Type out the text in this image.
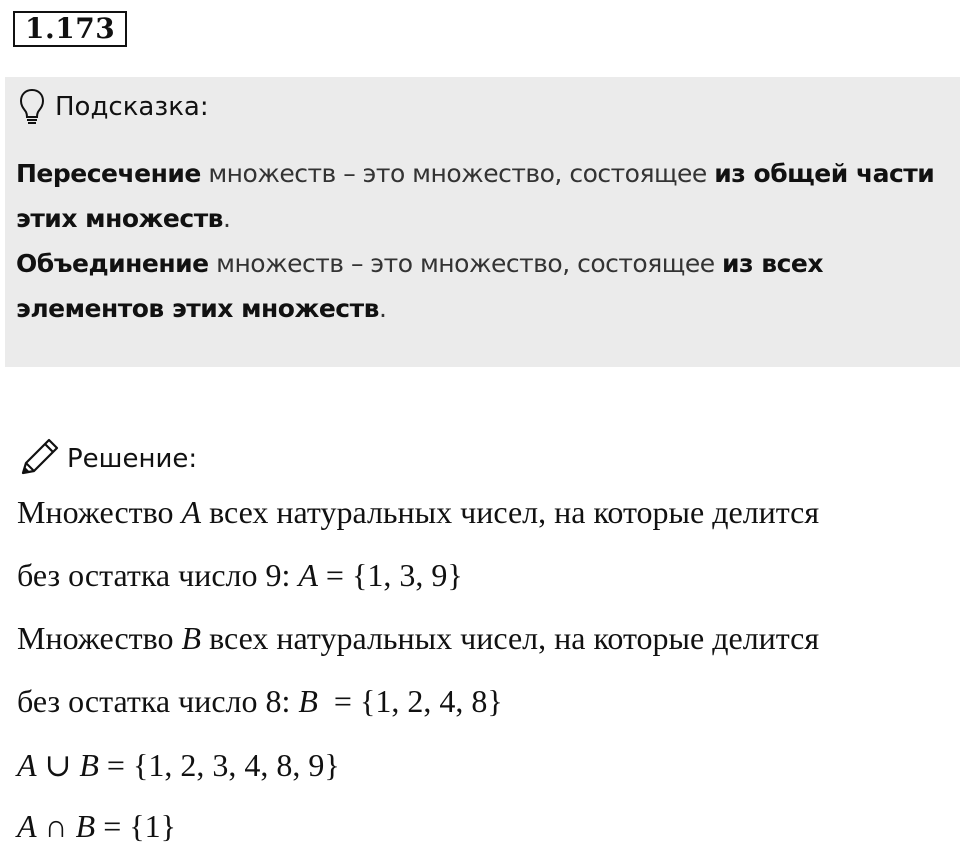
1.173
Подсказка:

Пересечение множеств – это множество, состоящее из общей части этих множеств.

Объединение множеств – это множество, состоящее из всех элементов этих множеств.

Решение:
Множество A всех натуральных чисел, на которые делится
без остатка число 9: A = {1, 3, 9}
Множество B всех натуральных чисел, на которые делится
без остатка число 8: B  = {1, 2, 4, 8}
A ∪ B = {1, 2, 3, 4, 8, 9}
A ∩ B = {1}
